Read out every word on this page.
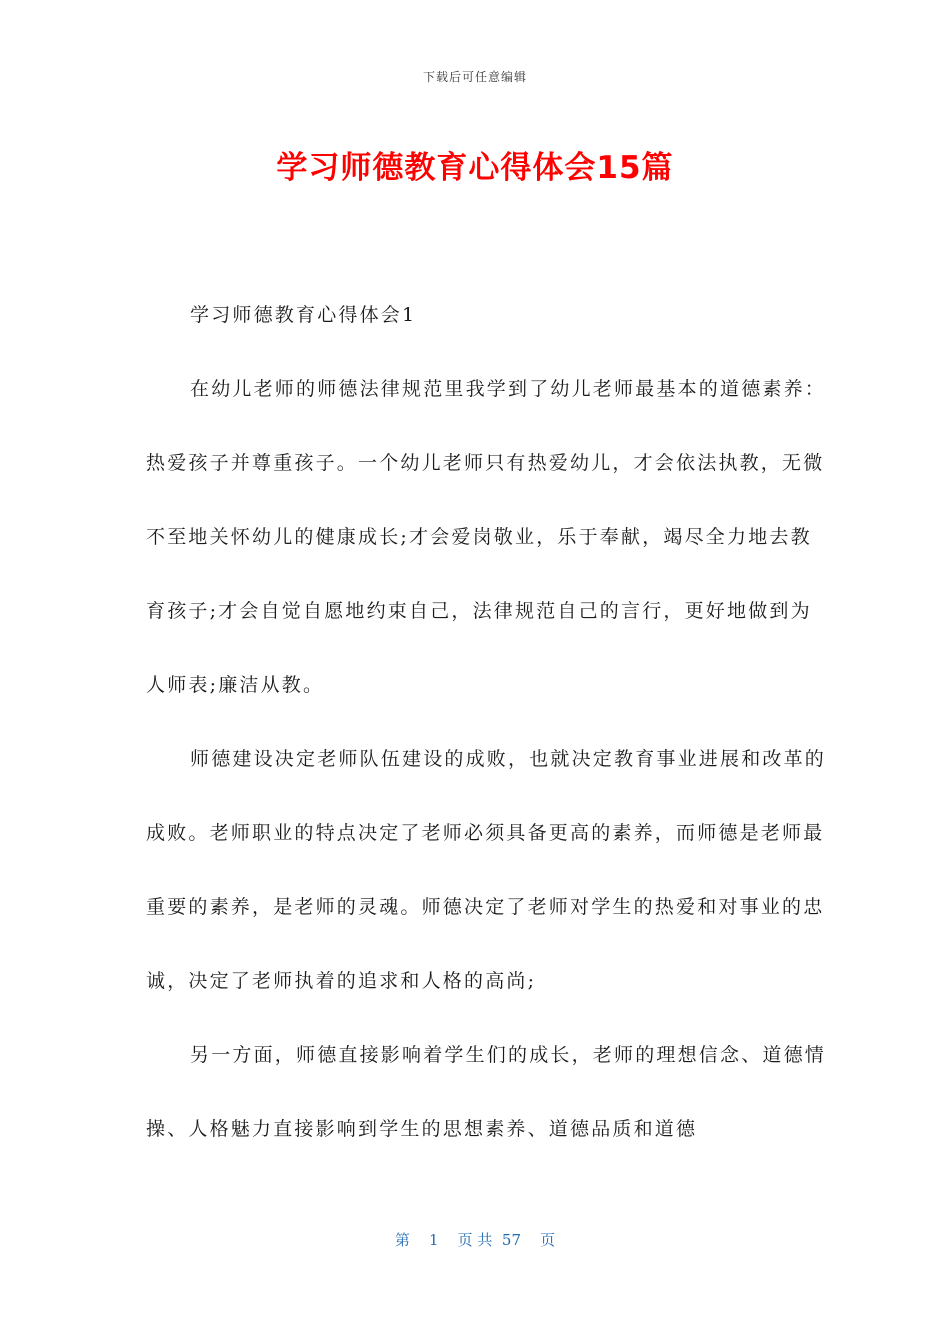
下载后可任意编辑
学习师德教育心得体会15篇

学习师德教育心得体会1

在幼儿老师的师德法律规范里我学到了幼儿老师最基本的道德素养：热爱孩子并尊重孩子。一个幼儿老师只有热爱幼儿，才会依法执教，无微不至地关怀幼儿的健康成长;才会爱岗敬业，乐于奉献，竭尽全力地去教育孩子;才会自觉自愿地约束自己，法律规范自己的言行，更好地做到为人师表;廉洁从教。

师德建设决定老师队伍建设的成败，也就决定教育事业进展和改革的成败。老师职业的特点决定了老师必须具备更高的素养，而师德是老师最重要的素养，是老师的灵魂。师德决定了老师对学生的热爱和对事业的忠诚，决定了老师执着的追求和人格的高尚;

另一方面，师德直接影响着学生们的成长，老师的理想信念、道德情操、人格魅力直接影响到学生的思想素养、道德品质和道德

第 1 页 共 57 页
